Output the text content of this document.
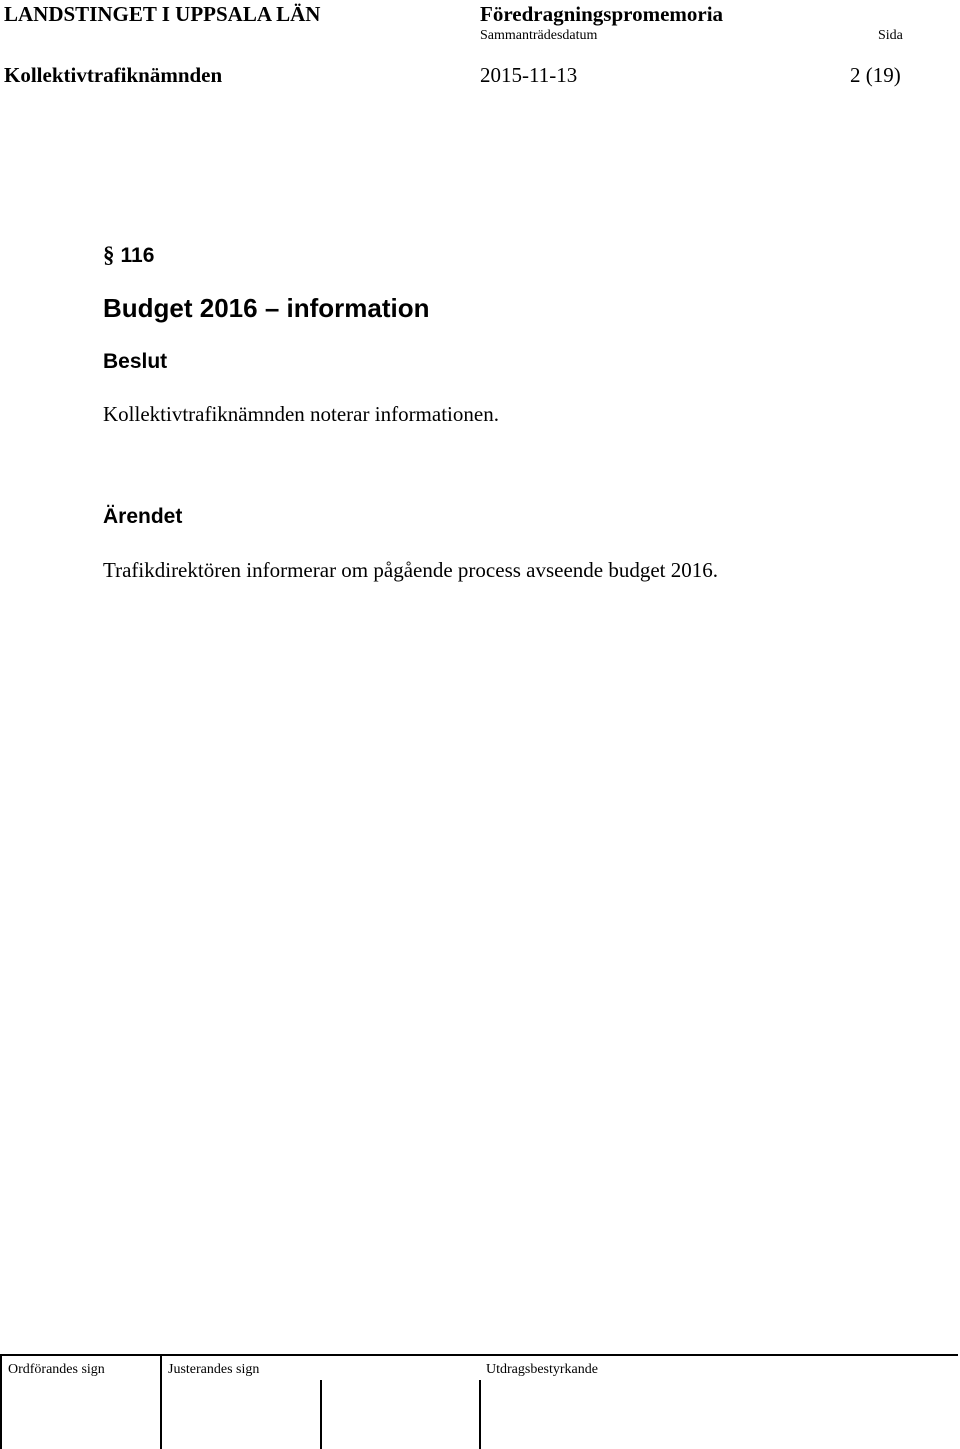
LANDSTINGET I UPPSALA LÄN	Föredragningspromemoria
Sammanträdesdatum	Sida
Kollektivtrafiknämnden	2015-11-13	2 (19)
§ 116
Budget 2016 – information
Beslut
Kollektivtrafiknämnden noterar informationen.
Ärendet
Trafikdirektören informerar om pågående process avseende budget 2016.
Ordförandes sign	Justerandes sign	Utdragsbestyrkande
